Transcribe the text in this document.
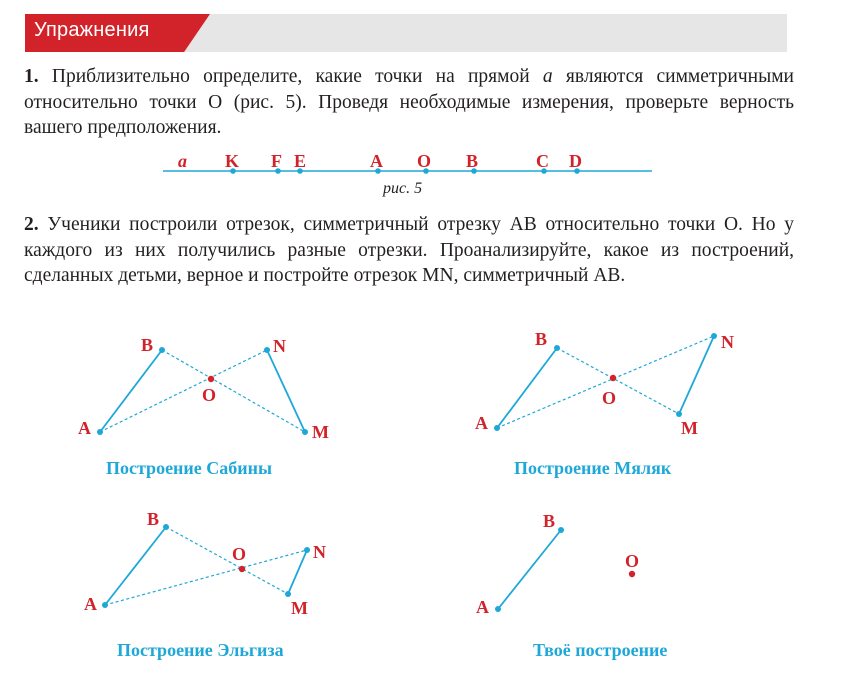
Упражнения
1. Приблизительно определите, какие точки на прямой a являются симметричными относительно точки О (рис. 5). Проведя необходимые измерения, проверьте верность вашего предположения.
2. Ученики построили отрезок, симметричный отрезку АВ относительно точки О. Но у каждого из них получились разные отрезки. Проанализируйте, какое из построений, сделанных детьми, верное и постройте отрезок MN, симметричный АВ.
a K F E	A O B	C D
рис. 5
A
B
O
N
M
Построение Сабины
A
B
O
N
M
Построение Мяляк
A
B
O	N
M
Построение Эльгиза
A
B
O
Твоё построение
